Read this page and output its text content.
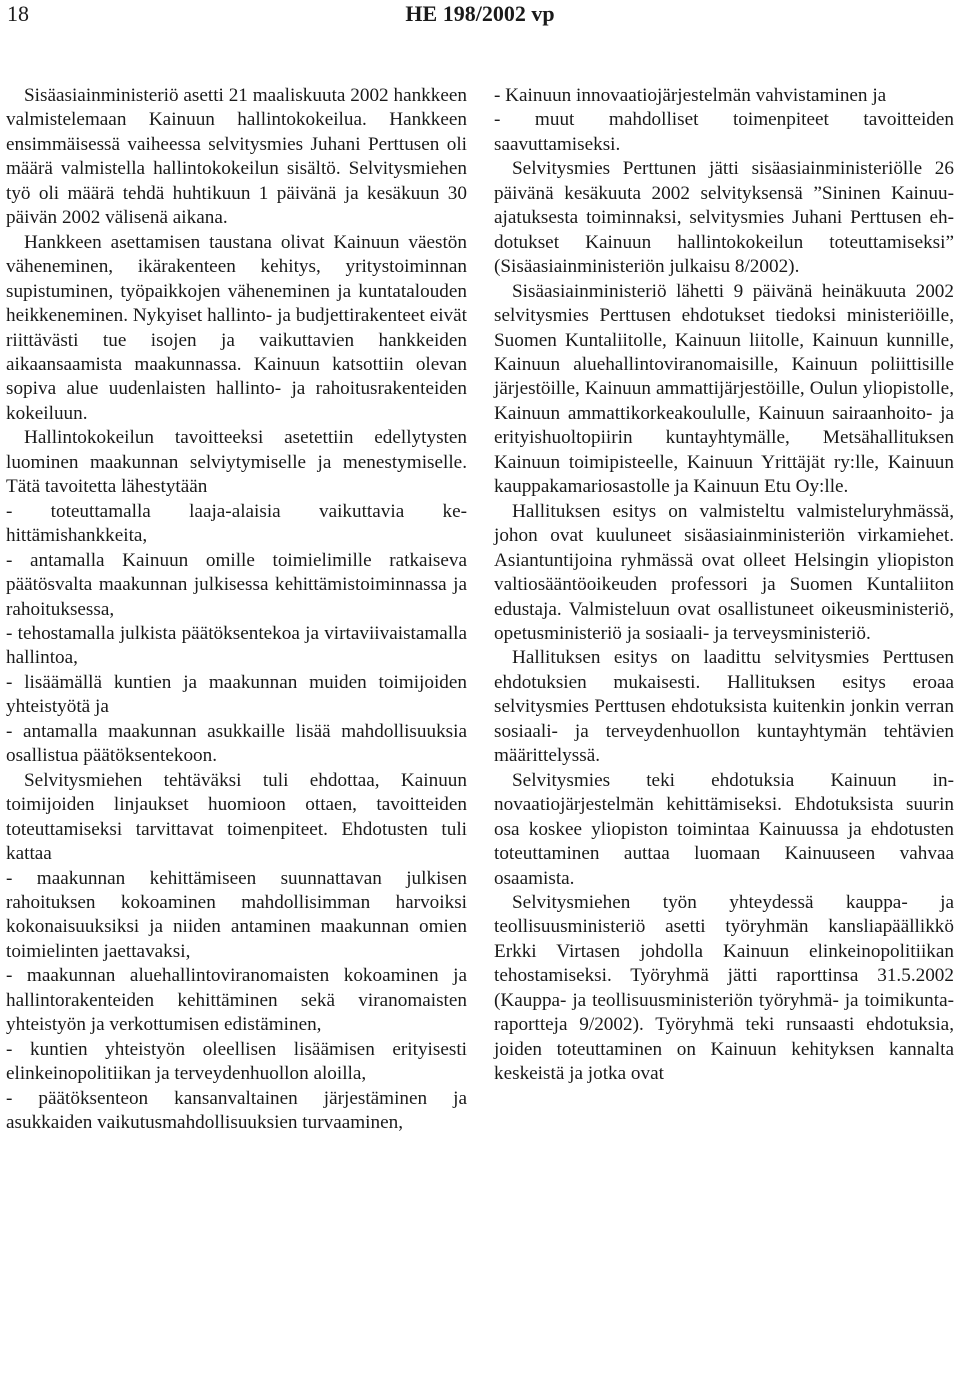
18	HE 198/2002 vp

Sisäasiainministeriö asetti 21 maaliskuuta 2002 hankkeen valmistelemaan Kainuun hallintokokeilua. Hankkeen ensimmäisessä vaiheessa selvitysmies Juhani Perttusen oli määrä valmistella hallintokokeilun sisältö. Selvitysmiehen työ oli määrä tehdä huhtikuun 1 päivänä ja kesäkuun 30 päivän 2002 välisenä aikana.

Hankkeen asettamisen taustana olivat Kainuun väestön väheneminen, ikärakenteen kehitys, yritystoiminnan supistuminen, työpaikkojen väheneminen ja kuntatalouden heikkeneminen. Nykyiset hallinto- ja budjettirakenteet eivät riittävästi tue isojen ja vaikuttavien hankkeiden aikaansaamista maakunnassa. Kainuun katsottiin olevan sopiva alue uudenlaisten hallinto- ja rahoitusrakenteiden kokeiluun.

Hallintokokeilun tavoitteeksi asetettiin edellytysten luominen maakunnan selviytymiselle ja menestymiselle. Tätä tavoitetta lähestytään

- toteuttamalla laaja-alaisia vaikuttavia kehittämishankkeita,

- antamalla Kainuun omille toimielimille ratkaiseva päätösvalta maakunnan julkisessa kehittämistoiminnassa ja rahoituksessa,

- tehostamalla julkista päätöksentekoa ja virtaviivaistamalla hallintoa,

- lisäämällä kuntien ja maakunnan muiden toimijoiden yhteistyötä ja

- antamalla maakunnan asukkaille lisää mahdollisuuksia osallistua päätöksentekoon.

Selvitysmiehen tehtäväksi tuli ehdottaa, Kainuun toimijoiden linjaukset huomioon ottaen, tavoitteiden toteuttamiseksi tarvittavat toimenpiteet. Ehdotusten tuli kattaa

- maakunnan kehittämiseen suunnattavan julkisen rahoituksen kokoaminen mahdollisimman harvoiksi kokonaisuuksiksi ja niiden antaminen maakunnan omien toimielinten jaettavaksi,

- maakunnan aluehallintoviranomaisten kokoaminen ja hallintorakenteiden kehittäminen sekä viranomaisten yhteistyön ja verkottumisen edistäminen,

- kuntien yhteistyön oleellisen lisäämisen erityisesti elinkeinopolitiikan ja terveydenhuollon aloilla,

- päätöksenteon kansanvaltainen järjestäminen ja asukkaiden vaikutusmahdollisuuksien turvaaminen,

- Kainuun innovaatiojärjestelmän vahvistaminen ja

- muut mahdolliset toimenpiteet tavoitteiden saavuttamiseksi.

Selvitysmies Perttunen jätti sisäasiainministeriölle 26 päivänä kesäkuuta 2002 selvityksensä ”Sininen Kainuu- ajatuksesta toiminnaksi, selvitysmies Juhani Perttusen ehdotukset Kainuun hallintokokeilun toteuttamiseksi” (Sisäasiainministeriön julkaisu 8/2002).

Sisäasiainministeriö lähetti 9 päivänä heinäkuuta 2002 selvitysmies Perttusen ehdotukset tiedoksi ministeriöille, Suomen Kuntaliitolle, Kainuun liitolle, Kainuun kunnille, Kainuun aluehallintoviranomaisille, Kainuun poliittisille järjestöille, Kainuun ammattijärjestöille, Oulun yliopistolle, Kainuun ammattikorkeakoululle, Kainuun sairaanhoito- ja erityishuoltopiirin kuntayhtymälle, Metsähallituksen Kainuun toimipisteelle, Kainuun Yrittäjät ry:lle, Kainuun kauppakamariosastolle ja Kainuun Etu Oy:lle.

Hallituksen esitys on valmisteltu valmisteluryhmässä, johon ovat kuuluneet sisäasiainministeriön virkamiehet. Asiantuntijoina ryhmässä ovat olleet Helsingin yliopiston valtiosääntöoikeuden professori ja Suomen Kuntaliiton edustaja. Valmisteluun ovat osallistuneet oikeusministeriö, opetusministeriö ja sosiaali- ja terveysministeriö.

Hallituksen esitys on laadittu selvitysmies Perttusen ehdotuksien mukaisesti. Hallituksen esitys eroaa selvitysmies Perttusen ehdotuksista kuitenkin jonkin verran sosiaali- ja terveydenhuollon kuntayhtymän tehtävien määrittelyssä.

Selvitysmies teki ehdotuksia Kainuun innovaatiojärjestelmän kehittämiseksi. Ehdotuksista suurin osa koskee yliopiston toimintaa Kainuussa ja ehdotusten toteuttaminen auttaa luomaan Kainuuseen vahvaa osaamista.

Selvitysmiehen työn yhteydessä kauppa- ja teollisuusministeriö asetti työryhmän kansliapäällikkö Erkki Virtasen johdolla Kainuun elinkeinopolitiikan tehostamiseksi. Työryhmä jätti raporttinsa 31.5.2002 (Kauppa- ja teollisuusministeriön työryhmä- ja toimikuntaraportteja 9/2002). Työryhmä teki runsaasti ehdotuksia, joiden toteuttaminen on Kainuun kehityksen kannalta keskeistä ja jotka ovat
